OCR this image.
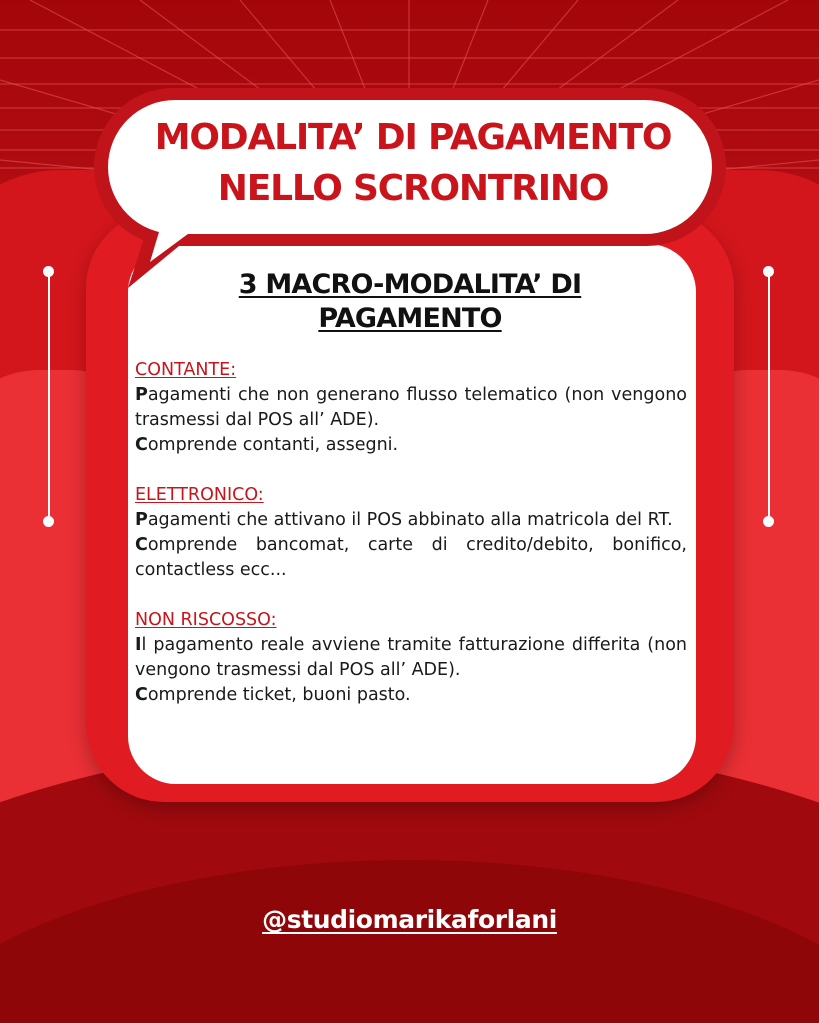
MODALITA’ DI PAGAMENTO
NELLO SCRONTRINO
3 MACRO-MODALITA’ DI
PAGAMENTO
CONTANTE:

Pagamenti che non generano flusso telematico (non vengono trasmessi dal POS all’ ADE).

Comprende contanti, assegni.

ELETTRONICO:

Pagamenti che attivano il POS abbinato alla matricola del RT.

Comprende bancomat, carte di credito/debito, bonifico, contactless ecc...

NON RISCOSSO:

Il pagamento reale avviene tramite fatturazione differita (non vengono trasmessi dal POS all’ ADE).

Comprende ticket, buoni pasto.

@studiomarikaforlani
